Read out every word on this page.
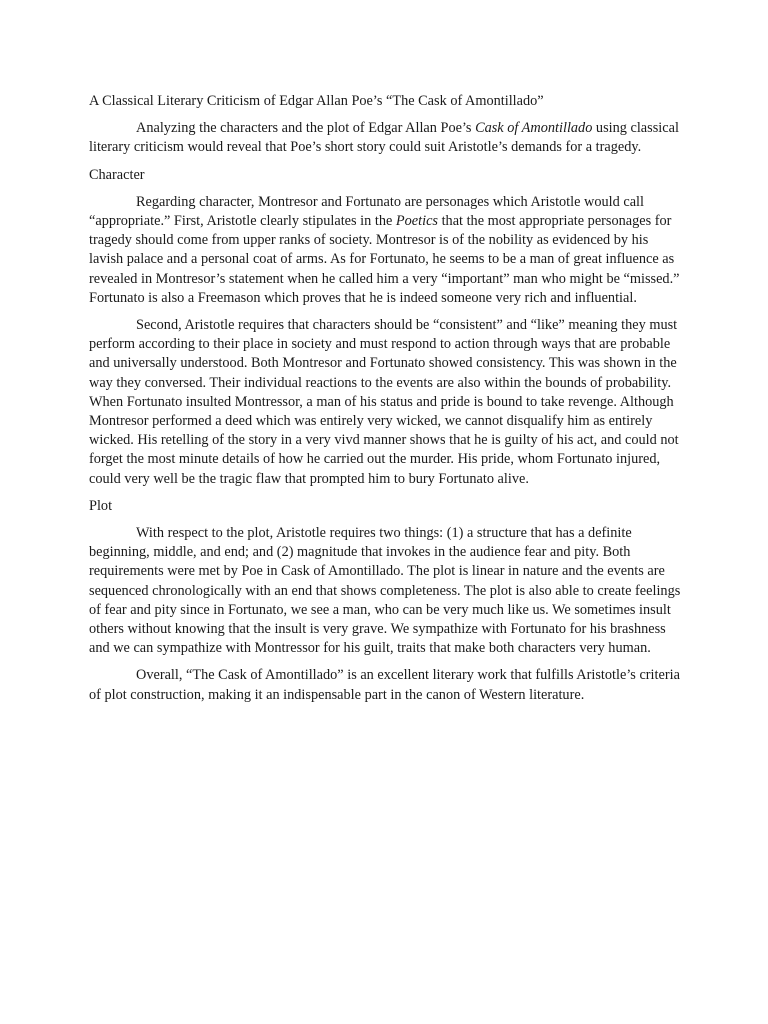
A Classical Literary Criticism of Edgar Allan Poe’s “The Cask of Amontillado”

Analyzing the characters and the plot of Edgar Allan Poe’s Cask of Amontillado using classical literary criticism would reveal that Poe’s short story could suit Aristotle’s demands for a tragedy.

Character

Regarding character, Montresor and Fortunato are personages which Aristotle would call “appropriate.” First, Aristotle clearly stipulates in the Poetics that the most appropriate personages for tragedy should come from upper ranks of society. Montresor is of the nobility as evidenced by his lavish palace and a personal coat of arms. As for Fortunato, he seems to be a man of great influence as revealed in Montresor’s statement when he called him a very “important” man who might be “missed.” Fortunato is also a Freemason which proves that he is indeed someone very rich and influential.

Second, Aristotle requires that characters should be “consistent” and “like” meaning they must perform according to their place in society and must respond to action through ways that are probable and universally understood. Both Montresor and Fortunato showed consistency. This was shown in the way they conversed. Their individual reactions to the events are also within the bounds of probability. When Fortunato insulted Montressor, a man of his status and pride is bound to take revenge. Although Montresor performed a deed which was entirely very wicked, we cannot disqualify him as entirely wicked. His retelling of the story in a very vivd manner shows that he is guilty of his act, and could not forget the most minute details of how he carried out the murder. His pride, whom Fortunato injured, could very well be the tragic flaw that prompted him to bury Fortunato alive.

Plot

With respect to the plot, Aristotle requires two things: (1) a structure that has a definite beginning, middle, and end; and (2) magnitude that invokes in the audience fear and pity. Both requirements were met by Poe in Cask of Amontillado. The plot is linear in nature and the events are sequenced chronologically with an end that shows completeness. The plot is also able to create feelings of fear and pity since in Fortunato, we see a man, who can be very much like us. We sometimes insult others without knowing that the insult is very grave. We sympathize with Fortunato for his brashness and we can sympathize with Montressor for his guilt, traits that make both characters very human.

Overall, “The Cask of Amontillado” is an excellent literary work that fulfills Aristotle’s criteria of plot construction, making it an indispensable part in the canon of Western literature.
